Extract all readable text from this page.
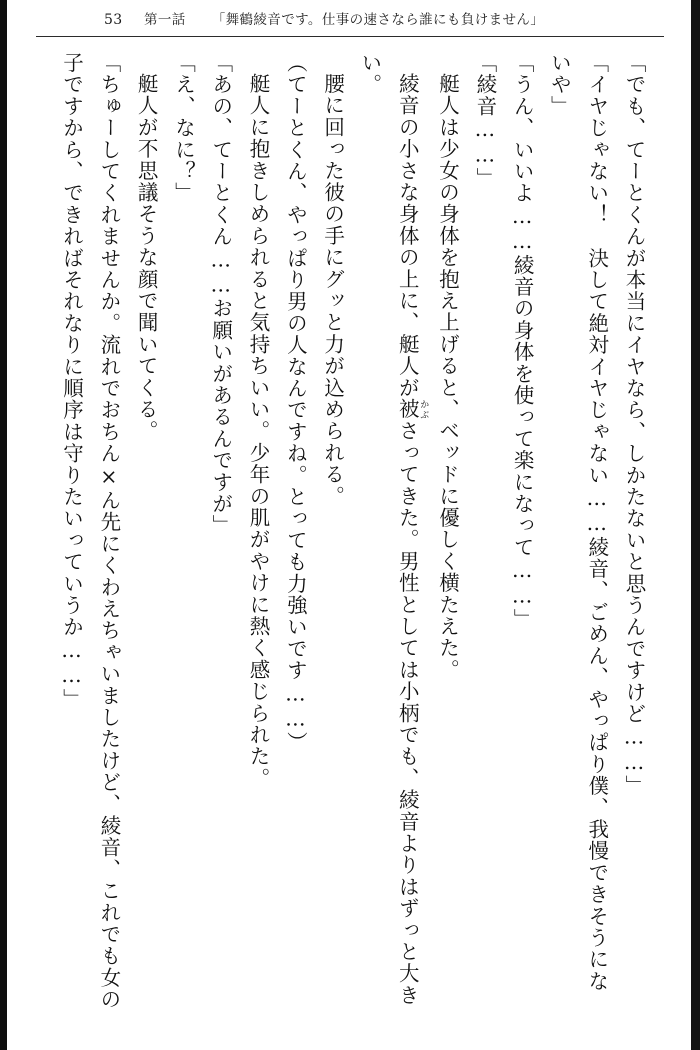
53	第一話 「舞鶴綾音です。仕事の速さなら誰にも負けません」

「でも、てーとくんが本当にイヤなら、しかたないと思うんですけど……」

「イヤじゃない！　決して絶対イヤじゃない……綾音、ごめん、やっぱり僕、我慢できそうにないや」

「うん、いいよ……綾音の身体を使って楽になって……」

「綾音……」

艇人は少女の身体を抱え上げると、ベッドに優しく横たえた。

綾音の小さな身体の上に、艇人が被 かぶさってきた。男性としては小柄でも、綾音よりはずっと大きい。

腰に回った彼の手にグッと力が込められる。

（てーとくん、やっぱり男の人なんですね。とっても力強いです……）

艇人に抱きしめられると気持ちいい。少年の肌がやけに熱く感じられた。

「あの、てーとくん……お願いがあるんですが」

「え、なに？」

艇人が不思議そうな顔で聞いてくる。

「ちゅーしてくれませんか。流れでおちん×ん先にくわえちゃいましたけど、綾音、これでも女の子ですから、できればそれなりに順序は守りたいっていうか……」
